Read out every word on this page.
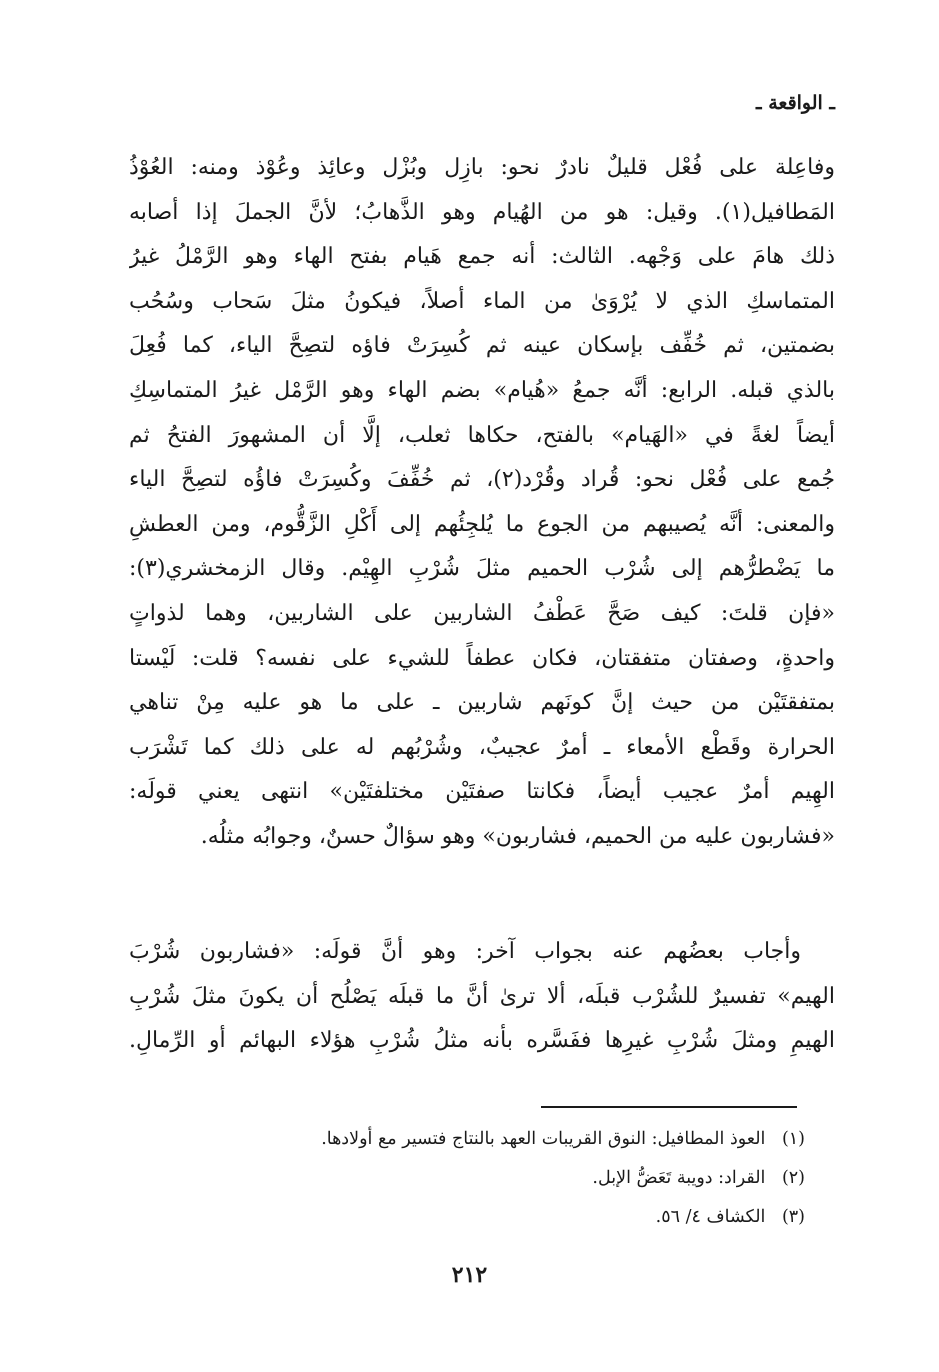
ـ الواقعة ـ
وفاعِلة على فُعْل قليلٌ نادرٌ نحو: بازِل وبُزْل وعائِذ وعُوْذ ومنه: العُوْذُ
المَطافيل(١). وقيل: هو من الهُيام وهو الذَّهابُ؛ لأنَّ الجملَ إذا أصابه
ذلك هامَ على وَجْهه. الثالث: أنه جمع هَيام بفتح الهاء وهو الرَّمْلُ غيرُ
المتماسكِ الذي لا يُرْوَىٰ من الماء أصلاً، فيكونُ مثلَ سَحاب وسُحُب
بضمتين، ثم خُفِّف بإسكان عينه ثم كُسِرَتْ فاؤه لتصِحَّ الياء، كما فُعِلَ
بالذي قبله. الرابع: أنَّه جمعُ «هُيام» بضم الهاء وهو الرَّمْل غيرُ المتماسِكِ
أيضاً لغةً في «الهَيام» بالفتح، حكاها ثعلب، إلَّا أن المشهورَ الفتحُ ثم
جُمع على فُعْل نحو: قُراد وقُرْد(٢)، ثم خُفِّفَ وكُسِرَتْ فاؤُه لتصِحَّ الياء
والمعنى: أنَّه يُصيبهم من الجوع ما يُلجِئُهم إلى أَكْلِ الزَّقُّوم، ومن العطشِ
ما يَضْطرُّهم إلى شُرْب الحميم مثلَ شُرْبِ الهِيْم. وقال الزمخشري(٣):
«فإن قلتَ: كيف صَحَّ عَطْفُ الشاربين على الشاربين، وهما لذواتٍ
واحدةٍ، وصفتان متفقتان، فكان عطفاً للشيء على نفسه؟ قلت: لَيْستا
بمتفقتَيْن من حيث إنَّ كونَهم شاربين ـ على ما هو عليه مِنْ تناهي
الحرارة وقَطْع الأمعاء ـ أمرٌ عجيبٌ، وشُرْبُهم له على ذلك كما تَشْرَب
الهِيم أمرٌ عجيب أيضاً، فكانتا صفتَيْن مختلفتَيْن» انتهى يعني قولَه:
«فشاربون عليه من الحميم، فشاربون» وهو سؤالٌ حسنٌ، وجوابُه مثلُه.
وأجاب بعضُهم عنه بجواب آخر: وهو أنَّ قولَه: «فشاربون شُرْبَ
الهيم» تفسيرٌ للشُرْب قبلَه، ألا ترىٰ أنَّ ما قبلَه يَصْلُح أن يكونَ مثلَ شُرْبِ
الهيمِ ومثلَ شُرْبِ غيرِها ففَسَّره بأنه مثلُ شُرْبِ هؤلاء البهائم أو الرِّمالِ.
(١) العوذ المطافيل: النوق القريبات العهد بالنتاج فتسير مع أولادها.
(٢) القراد: دويبة تَعَضُّ الإبل.
(٣) الكشاف ٤/ ٥٦.
٢١٢
